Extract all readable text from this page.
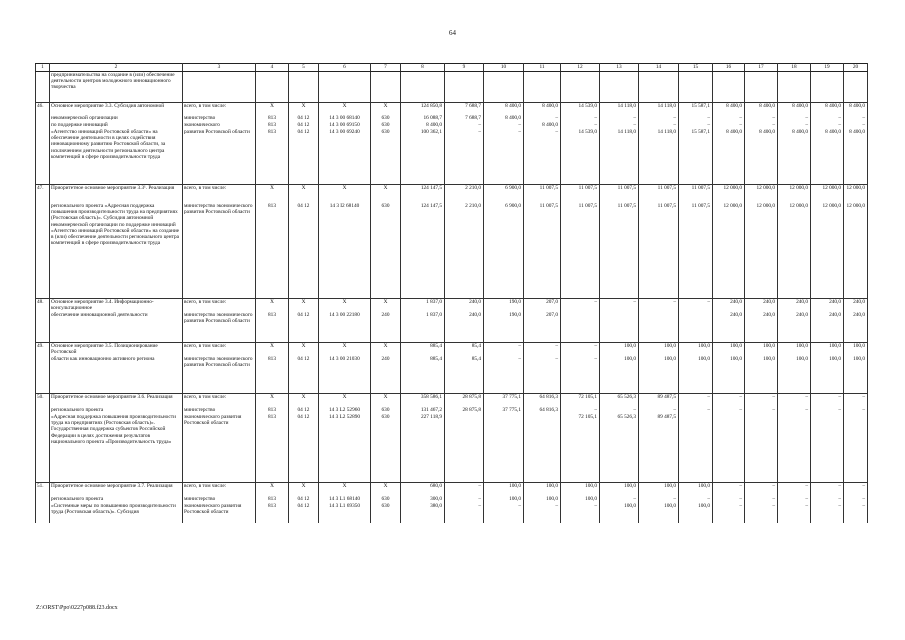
64
1	2	3	4	5	6	7	8	9	10	11	12	13	14	15	16	17	18	19	20
	предпринимательства на создание в (или) обеспечение деятельности центров молодежного инновационного творчества																		
46.	Основное мероприятие 3.3. Субсидия автономной	всего, в том числе:	Х	Х	Х	Х	124 850,8	7 688,7	8 400,0	8 400,0	14 539,0	14 118,0	14 118,0	15 587,1	8 400,0	8 400,0	8 400,0	8 400,0	8 400,0
	некоммерческой организации	министерство	813	04 12	14 3 00 68140	630	16 088,7	7 688,7	8 400,0	–	–	–	–	–	–	–	–	–	–
	по поддержке инноваций	экономического	813	04 12	14 3 00 69150	630	8 400,0	–	–	8 400,0	–	–	–	–	–	–	–	–	–
	«Агентство инноваций Ростовской области» на обеспечение деятельности в целях содействия инновационному развитию Ростовской области, за исключением деятельности регионального центра компетенций в сфере производительности труда	развития Ростовской области	813	04 12	14 3 00 69240	630	100 362,1	–	–	–	14 539,0	14 118,0	14 118,0	15 587,1	8 400,0	8 400,0	8 400,0	8 400,0	8 400,0
47.	Приоритетное основное мероприятие 3.3¹. Реализация	всего, в том числе:	Х	Х	Х	Х	124 147,5	2 210,0	6 900,0	11 007,5	11 007,5	11 007,5	11 007,5	11 007,5	12 000,0	12 000,0	12 000,0	12 000,0	12 000,0
	регионального проекта «Адресная поддержка повышения производительности труда на предприятиях (Ростовская область)». Субсидия автономной некоммерческой организации по поддержке инноваций «Агентство инноваций Ростовской области» на создание в (или) обеспечение деятельности регионального центра компетенций в сфере производительности труда	министерство экономического развития Ростовской области	813	04 12	14 3 I2 68140	630	124 147,5	2 210,0	6 900,0	11 007,5	11 007,5	11 007,5	11 007,5	11 007,5	12 000,0	12 000,0	12 000,0	12 000,0	12 000,0
48.	Основное мероприятие 3.4. Информационно-консультационное	всего, в том числе:	Х	Х	Х	Х	1 837,0	240,0	190,0	207,0	–	–	–	–	240,0	240,0	240,0	240,0	240,0
	обеспечение инновационной деятельности	министерство экономического развития Ростовской области	813	04 12	14 3 00 22180	240	1 837,0	240,0	190,0	207,0					240,0	240,0	240,0	240,0	240,0
49.	Основное мероприятие 3.5. Позиционирование Ростовской	всего, в том числе:	Х	Х	Х	Х	885,4	85,4	–	–	–	100,0	100,0	100,0	100,0	100,0	100,0	100,0	100,0
	области как инновационно активного региона	министерство экономического развития Ростовской области	813	04 12	14 3 00 21030	240	885,4	85,4	–	–	–	100,0	100,0	100,0	100,0	100,0	100,0	100,0	100,0
50.	Приоритетное основное мероприятие 3.6. Реализация	всего, в том числе:	Х	Х	Х	Х	358 586,1	28 875,8	37 775,1	64 816,3	72 105,1	65 526,3	89 487,5	–	–	–	–	–	–
	регионального проекта	министерство	813	04 12	14 3 L2 52960	630	131 467,2	28 875,8	37 775,1	64 816,3	–	–	–	–	–	–	–	–	–
	«Адресная поддержка повышения производительности труда на предприятиях (Ростовская область)». Государственная поддержка субъектов Российской Федерации в целях достижения результатов национального проекта «Производительность труда»	экономического развития Ростовской области	813	04 12	14 3 L2 52890	630	227 118,9				72 105,1	65 526,3	89 487,5						
51.	Приоритетное основное мероприятие 3.7. Реализация	всего, в том числе:	Х	Х	Х	Х	680,0	–	100,0	100,0	100,0	100,0	100,0	100,0	–	–	–	–	–
	регионального проекта	министерство	813	04 12	14 3 L1 68140	630	300,0	–	100,0	100,0	100,0	–	–	–	–	–	–	–	–
	«Системные меры по повышению производительности труда (Ростовская область)». Субсидия	экономического развития Ростовской области	813	04 12	14 3 L1 69350	630	380,0	–	–	–	–	100,0	100,0	100,0	–	–	–	–	–
Z:\ORST\Ppo\0227p088.f23.docx
